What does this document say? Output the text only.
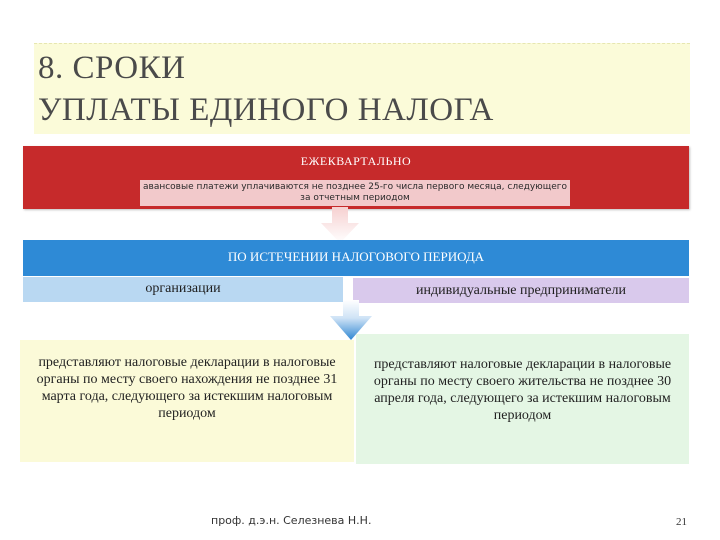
8. СРОКИ
УПЛАТЫ ЕДИНОГО НАЛОГА
ЕЖЕКВАРТАЛЬНО
авансовые платежи уплачиваются не позднее 25-го числа первого месяца, следующего за отчетным периодом
ПО ИСТЕЧЕНИИ НАЛОГОВОГО ПЕРИОДА
организации	индивидуальные предприниматели
представляют налоговые декларации в налоговые органы по месту своего нахождения не позднее 31 марта года, следующего за истекшим налоговым периодом
представляют налоговые декларации в налоговые органы по месту своего жительства не позднее 30 апреля года, следующего за истекшим налоговым периодом
проф. д.э.н. Селезнева Н.Н.	21
